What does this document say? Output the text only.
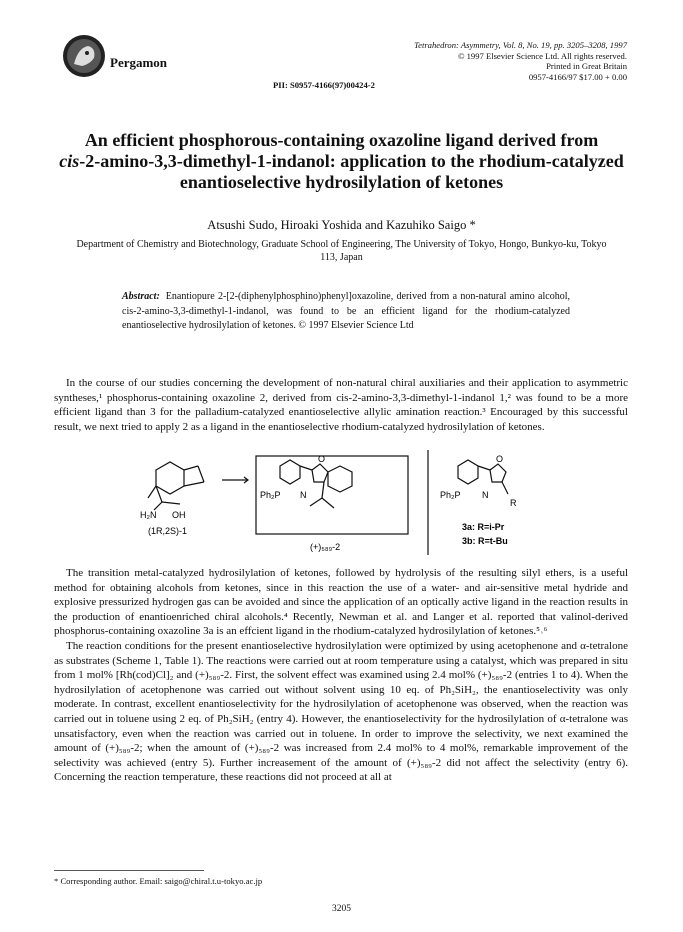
Pergamon
Tetrahedron: Asymmetry, Vol. 8, No. 19, pp. 3205–3208, 1997
© 1997 Elsevier Science Ltd. All rights reserved.
Printed in Great Britain
0957-4166/97 $17.00 + 0.00
PII: S0957-4166(97)00424-2
An efficient phosphorous-containing oxazoline ligand derived from
cis-2-amino-3,3-dimethyl-1-indanol: application to the rhodium-catalyzed enantioselective hydrosilylation of ketones
Atsushi Sudo, Hiroaki Yoshida and Kazuhiko Saigo *
Department of Chemistry and Biotechnology, Graduate School of Engineering, The University of Tokyo, Hongo, Bunkyo-ku, Tokyo 113, Japan
Abstract: Enantiopure 2-[2-(diphenylphosphino)phenyl]oxazoline, derived from a non-natural amino alcohol, cis-2-amino-3,3-dimethyl-1-indanol, was found to be an efficient ligand for the rhodium-catalyzed enantioselective hydrosilylation of ketones. © 1997 Elsevier Science Ltd

In the course of our studies concerning the development of non-natural chiral auxiliaries and their application to asymmetric syntheses,¹ phosphorus-containing oxazoline 2, derived from cis-2-amino-3,3-dimethyl-1-indanol 1,² was found to be a more efficient ligand than 3 for the palladium-catalyzed enantioselective allylic amination reaction.³ Encouraged by this successful result, we next tried to apply 2 as a ligand in the enantioselective rhodium-catalyzed hydrosilylation of ketones.

H₂N OH
(1R,2S)-1
Ph₂P N
O
(+)₅₈₉-2
Ph₂P N
O
R
3a: R=i-Pr
3b: R=t-Bu

The transition metal-catalyzed hydrosilylation of ketones, followed by hydrolysis of the resulting silyl ethers, is a useful method for obtaining alcohols from ketones, since in this reaction the use of a water- and air-sensitive metal hydride and explosive pressurized hydrogen gas can be avoided and since the application of an optically active ligand in the reaction results in the production of enantioenriched chiral alcohols.⁴ Recently, Newman et al. and Langer et al. reported that valinol-derived phosphorus-containing oxazoline 3a is an effcient ligand in the rhodium-catalyzed hydrosilylation of ketones.⁵˒⁶

The reaction conditions for the present enantioselective hydrosilylation were optimized by using acetophenone and α-tetralone as substrates (Scheme 1, Table 1). The reactions were carried out at room temperature using a catalyst, which was prepared in situ from 1 mol% [Rh(cod)Cl]₂ and (+)₅₈₉-2. First, the solvent effect was examined using 2.4 mol% (+)₅₈₉-2 (entries 1 to 4). When the hydrosilylation of acetophenone was carried out without solvent using 10 eq. of Ph₂SiH₂, the enantioselectivity was only moderate. In contrast, excellent enantioselectivity for the hydrosilylation of acetophenone was observed, when the reaction was carried out in toluene using 2 eq. of Ph₂SiH₂ (entry 4). However, the enantioselectivity for the hydrosilylation of α-tetralone was unsatisfactory, even when the reaction was carried out in toluene. In order to improve the selectivity, we next examined the amount of (+)₅₈₉-2; when the amount of (+)₅₈₉-2 was increased from 2.4 mol% to 4 mol%, remarkable improvement of the selectivity was achieved (entry 5). Further increasement of the amount of (+)₅₈₉-2 did not affect the selectivity (entry 6). Concerning the reaction temperature, these reactions did not proceed at all at

* Corresponding author. Email: saigo@chiral.t.u-tokyo.ac.jp
3205
